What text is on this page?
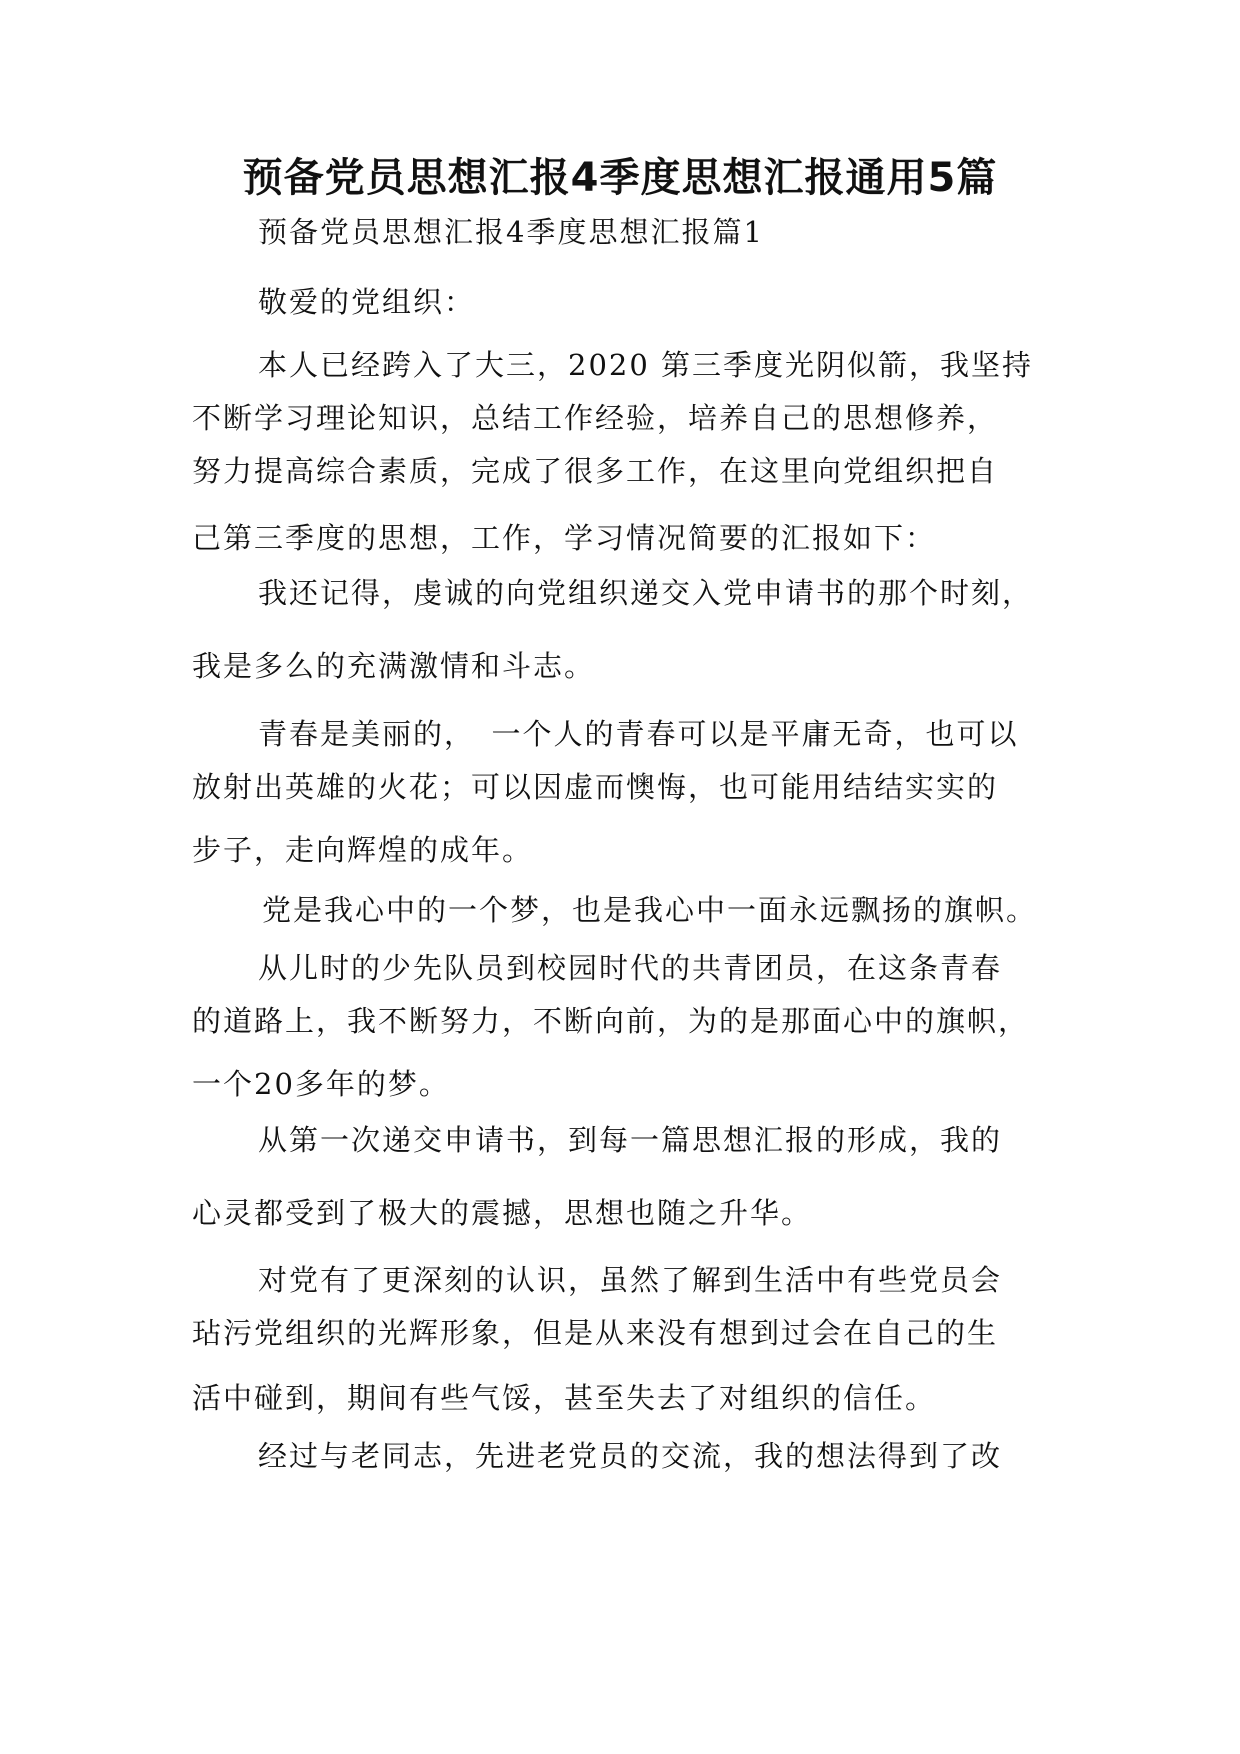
预备党员思想汇报4季度思想汇报通用5篇

预备党员思想汇报4季度思想汇报篇1

敬爱的党组织：

本人已经跨入了大三，2020 第三季度光阴似箭，我坚持

不断学习理论知识，总结工作经验，培养自己的思想修养，

努力提高综合素质，完成了很多工作，在这里向党组织把自

己第三季度的思想，工作，学习情况简要的汇报如下：

我还记得，虔诚的向党组织递交入党申请书的那个时刻，

我是多么的充满激情和斗志。

青春是美丽的，　一个人的青春可以是平庸无奇，也可以

放射出英雄的火花；可以因虚而懊悔，也可能用结结实实的

步子，走向辉煌的成年。

党是我心中的一个梦，也是我心中一面永远飘扬的旗帜。

从儿时的少先队员到校园时代的共青团员，在这条青春

的道路上，我不断努力，不断向前，为的是那面心中的旗帜，

一个20多年的梦。

从第一次递交申请书，到每一篇思想汇报的形成，我的

心灵都受到了极大的震撼，思想也随之升华。

对党有了更深刻的认识，虽然了解到生活中有些党员会

玷污党组织的光辉形象，但是从来没有想到过会在自己的生

活中碰到，期间有些气馁，甚至失去了对组织的信任。

经过与老同志，先进老党员的交流，我的想法得到了改
